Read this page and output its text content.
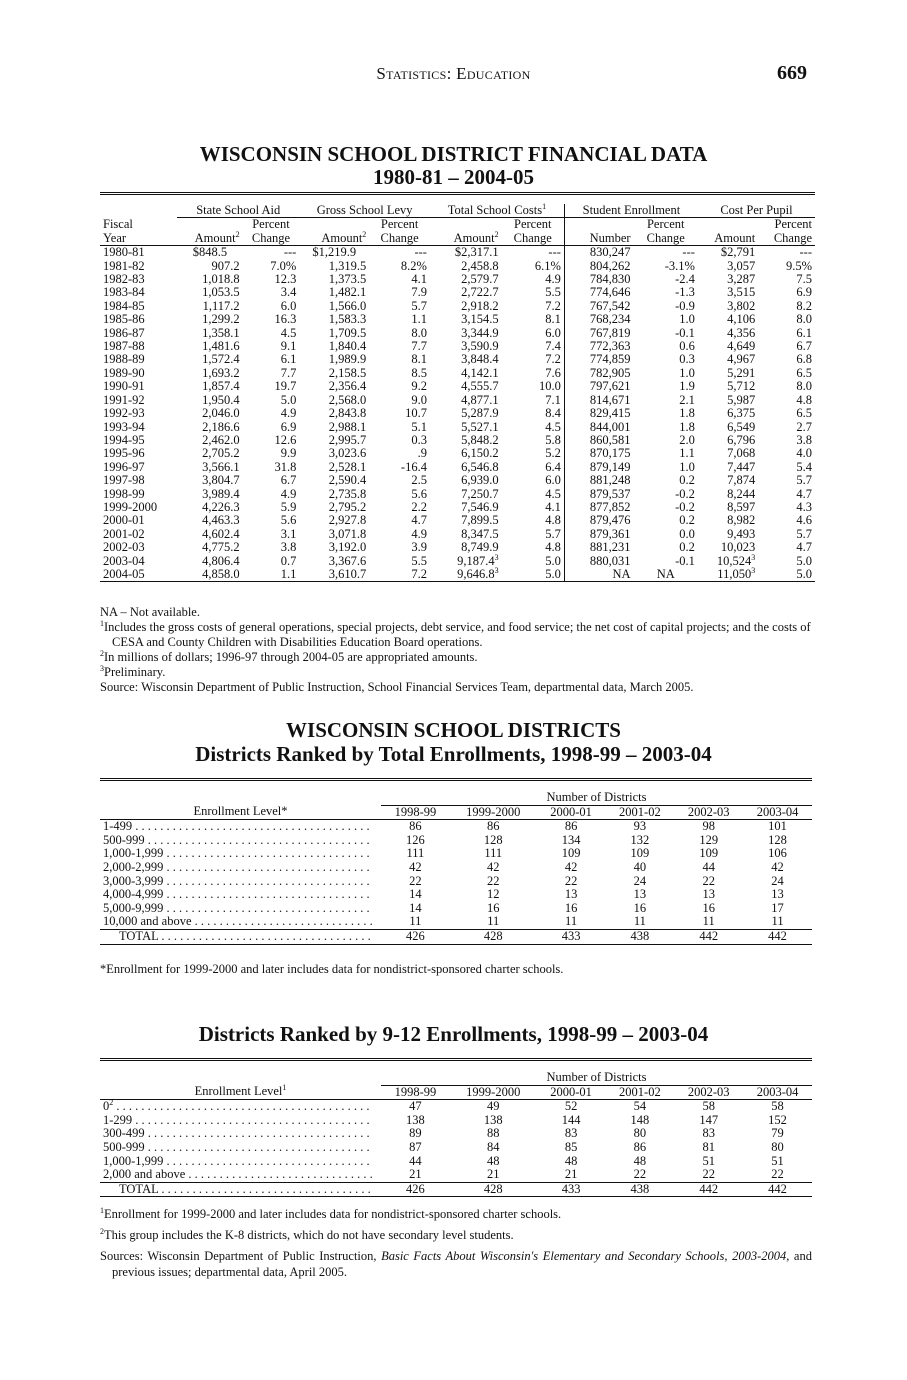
Statistics: Education	669
WISCONSIN SCHOOL DISTRICT FINANCIAL DATA
1980-81 – 2004-05

	State School Aid		Gross School Levy		Total School Costs$^1$		Student Enrollment		Cost Per Pupil	
Fiscal		Percent		Percent		Percent		Percent		Percent
Year	Amount$^2$	Change	Amount$^2$	Change	Amount$^2$	Change	Number	Change	Amount	Change
1980-81	$848.5	---	$1,219.9	---	$2,317.1	---	830,247	---	$2,791	---
1981-82	907.2	7.0%	1,319.5	8.2%	2,458.8	6.1%	804,262	-3.1%	3,057	9.5%
1982-83	1,018.8	12.3	1,373.5	4.1	2,579.7	4.9	784,830	-2.4	3,287	7.5
1983-84	1,053.5	3.4	1,482.1	7.9	2,722.7	5.5	774,646	-1.3	3,515	6.9
1984-85	1,117.2	6.0	1,566.0	5.7	2,918.2	7.2	767,542	-0.9	3,802	8.2
1985-86	1,299.2	16.3	1,583.3	1.1	3,154.5	8.1	768,234	1.0	4,106	8.0
1986-87	1,358.1	4.5	1,709.5	8.0	3,344.9	6.0	767,819	-0.1	4,356	6.1
1987-88	1,481.6	9.1	1,840.4	7.7	3,590.9	7.4	772,363	0.6	4,649	6.7
1988-89	1,572.4	6.1	1,989.9	8.1	3,848.4	7.2	774,859	0.3	4,967	6.8
1989-90	1,693.2	7.7	2,158.5	8.5	4,142.1	7.6	782,905	1.0	5,291	6.5
1990-91	1,857.4	19.7	2,356.4	9.2	4,555.7	10.0	797,621	1.9	5,712	8.0
1991-92	1,950.4	5.0	2,568.0	9.0	4,877.1	7.1	814,671	2.1	5,987	4.8
1992-93	2,046.0	4.9	2,843.8	10.7	5,287.9	8.4	829,415	1.8	6,375	6.5
1993-94	2,186.6	6.9	2,988.1	5.1	5,527.1	4.5	844,001	1.8	6,549	2.7
1994-95	2,462.0	12.6	2,995.7	0.3	5,848.2	5.8	860,581	2.0	6,796	3.8
1995-96	2,705.2	9.9	3,023.6	.9	6,150.2	5.2	870,175	1.1	7,068	4.0
1996-97	3,566.1	31.8	2,528.1	-16.4	6,546.8	6.4	879,149	1.0	7,447	5.4
1997-98	3,804.7	6.7	2,590.4	2.5	6,939.0	6.0	881,248	0.2	7,874	5.7
1998-99	3,989.4	4.9	2,735.8	5.6	7,250.7	4.5	879,537	-0.2	8,244	4.7
1999-2000	4,226.3	5.9	2,795.2	2.2	7,546.9	4.1	877,852	-0.2	8,597	4.3
2000-01	4,463.3	5.6	2,927.8	4.7	7,899.5	4.8	879,476	0.2	8,982	4.6
2001-02	4,602.4	3.1	3,071.8	4.9	8,347.5	5.7	879,361	0.0	9,493	5.7
2002-03	4,775.2	3.8	3,192.0	3.9	8,749.9	4.8	881,231	0.2	10,023	4.7
2003-04	4,806.4	0.7	3,367.6	5.5	9,187.4$^3$	5.0	880,031	-0.1	10,524$^3$	5.0
2004-05	4,858.0	1.1	3,610.7	7.2	9,646.8$^3$	5.0	NA	NA	11,050$^3$	5.0

NA – Not available.

$^1$Includes the gross costs of general operations, special projects, debt service, and food service; the net cost of capital projects; and the costs of CESA and County Children with Disabilities Education Board operations.

$^2$In millions of dollars; 1996-97 through 2004-05 are appropriated amounts.

$^3$Preliminary.

Source: Wisconsin Department of Public Instruction, School Financial Services Team, departmental data, March 2005.

WISCONSIN SCHOOL DISTRICTS
Districts Ranked by Total Enrollments, 1998-99 – 2003-04

	Number of Districts					
Enrollment Level*	1998-99	1999-2000	2000-01	2001-02	2002-03	2003-04

1-499 . . .	86	86	86	93	98	101

500-999 . . .	126	128	134	132	129	128

1,000-1,999 . . .	111	111	109	109	109	106

2,000-2,999 . . .	42	42	42	40	44	42

3,000-3,999 . . .	22	22	22	24	22	24

4,000-4,999 . . .	14	12	13	13	13	13

5,000-9,999 . . .	14	16	16	16	16	17

10,000 and above . . .	11	11	11	11	11	11

TOTAL . . .	426	428	433	438	442	442
*Enrollment for 1999-2000 and later includes data for nondistrict-sponsored charter schools.
Districts Ranked by 9-12 Enrollments, 1998-99 – 2003-04

	Number of Districts					
Enrollment Level$^1$	1998-99	1999-2000	2000-01	2001-02	2002-03	2003-04

$0^2$ . . .	47	49	52	54	58	58

1-299 . . .	138	138	144	148	147	152

300-499 . . .	89	88	83	80	83	79

500-999 . . .	87	84	85	86	81	80

1,000-1,999 . . .	44	48	48	48	51	51

2,000 and above . . .	21	21	21	22	22	22

TOTAL . . .	426	428	433	438	442	442

$^1$Enrollment for 1999-2000 and later includes data for nondistrict-sponsored charter schools.

$^2$This group includes the K-8 districts, which do not have secondary level students.

Sources: Wisconsin Department of Public Instruction, Basic Facts About Wisconsin's Elementary and Secondary Schools, 2003-2004, and previous issues; departmental data, April 2005.
